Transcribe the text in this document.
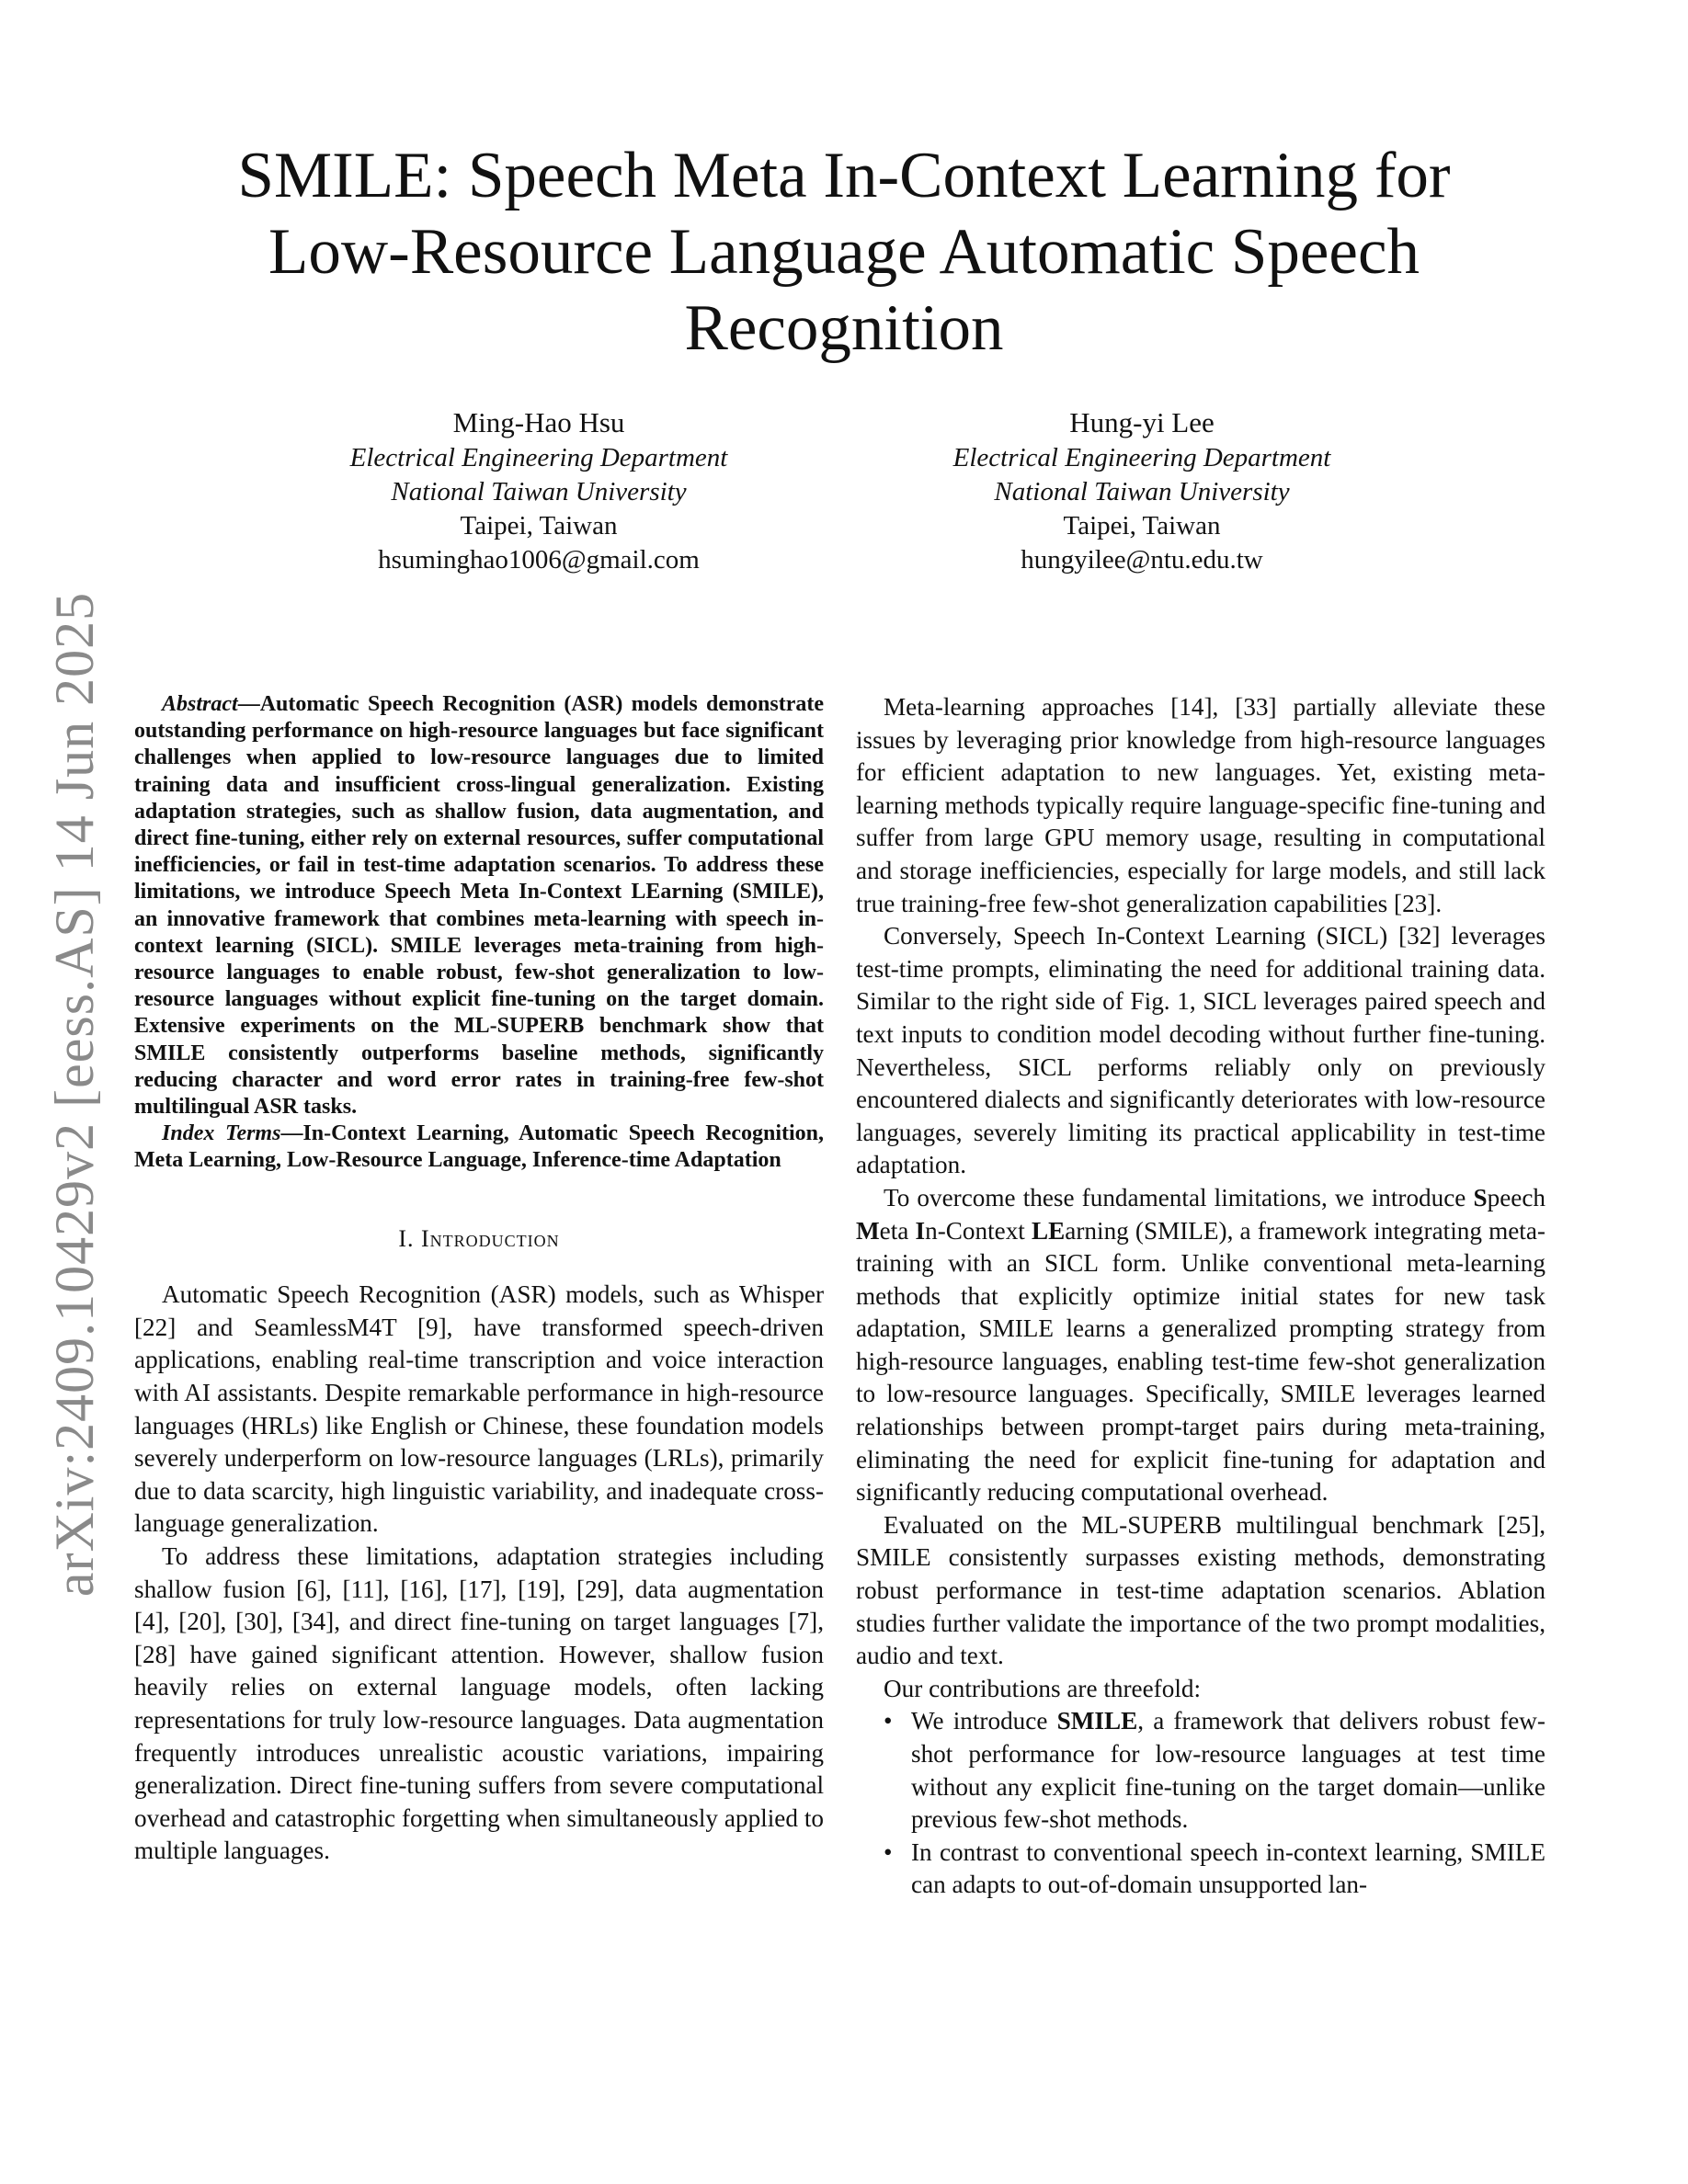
arXiv:2409.10429v2 [eess.AS] 14 Jun 2025
SMILE: Speech Meta In-Context Learning for Low-Resource Language Automatic Speech Recognition
Ming-Hao Hsu
Electrical Engineering Department
National Taiwan University
Taipei, Taiwan
hsuminghao1006@gmail.com
Hung-yi Lee
Electrical Engineering Department
National Taiwan University
Taipei, Taiwan
hungyilee@ntu.edu.tw

Abstract—Automatic Speech Recognition (ASR) models demonstrate outstanding performance on high-resource languages but face significant challenges when applied to low-resource languages due to limited training data and insufficient cross-lingual generalization. Existing adaptation strategies, such as shallow fusion, data augmentation, and direct fine-tuning, either rely on external resources, suffer computational inefficiencies, or fail in test-time adaptation scenarios. To address these limitations, we introduce Speech Meta In-Context LEarning (SMILE), an innovative framework that combines meta-learning with speech in-context learning (SICL). SMILE leverages meta-training from high-resource languages to enable robust, few-shot generalization to low-resource languages without explicit fine-tuning on the target domain. Extensive experiments on the ML-SUPERB benchmark show that SMILE consistently outperforms baseline methods, significantly reducing character and word error rates in training-free few-shot multilingual ASR tasks.

Index Terms—In-Context Learning, Automatic Speech Recognition, Meta Learning, Low-Resource Language, Inference-time Adaptation

I. Introduction

Automatic Speech Recognition (ASR) models, such as Whisper [22] and SeamlessM4T [9], have transformed speech-driven applications, enabling real-time transcription and voice interaction with AI assistants. Despite remarkable performance in high-resource languages (HRLs) like English or Chinese, these foundation models severely underperform on low-resource languages (LRLs), primarily due to data scarcity, high linguistic variability, and inadequate cross-language generalization.

To address these limitations, adaptation strategies including shallow fusion [6], [11], [16], [17], [19], [29], data augmentation [4], [20], [30], [34], and direct fine-tuning on target languages [7], [28] have gained significant attention. However, shallow fusion heavily relies on external language models, often lacking representations for truly low-resource languages. Data augmentation frequently introduces unrealistic acoustic variations, impairing generalization. Direct fine-tuning suffers from severe computational overhead and catastrophic forgetting when simultaneously applied to multiple languages.

Meta-learning approaches [14], [33] partially alleviate these issues by leveraging prior knowledge from high-resource languages for efficient adaptation to new languages. Yet, existing meta-learning methods typically require language-specific fine-tuning and suffer from large GPU memory usage, resulting in computational and storage inefficiencies, especially for large models, and still lack true training-free few-shot generalization capabilities [23].

Conversely, Speech In-Context Learning (SICL) [32] leverages test-time prompts, eliminating the need for additional training data. Similar to the right side of Fig. 1, SICL leverages paired speech and text inputs to condition model decoding without further fine-tuning. Nevertheless, SICL performs reliably only on previously encountered dialects and significantly deteriorates with low-resource languages, severely limiting its practical applicability in test-time adaptation.

To overcome these fundamental limitations, we introduce Speech Meta In-Context LEarning (SMILE), a framework integrating meta-training with an SICL form. Unlike conventional meta-learning methods that explicitly optimize initial states for new task adaptation, SMILE learns a generalized prompting strategy from high-resource languages, enabling test-time few-shot generalization to low-resource languages. Specifically, SMILE leverages learned relationships between prompt-target pairs during meta-training, eliminating the need for explicit fine-tuning for adaptation and significantly reducing computational overhead.

Evaluated on the ML-SUPERB multilingual benchmark [25], SMILE consistently surpasses existing methods, demonstrating robust performance in test-time adaptation scenarios. Ablation studies further validate the importance of the two prompt modalities, audio and text.

Our contributions are threefold:

• We introduce SMILE, a framework that delivers robust few-shot performance for low-resource languages at test time without any explicit fine-tuning on the target domain—unlike previous few-shot methods.
• In contrast to conventional speech in-context learning, SMILE can adapts to out-of-domain unsupported lan-
